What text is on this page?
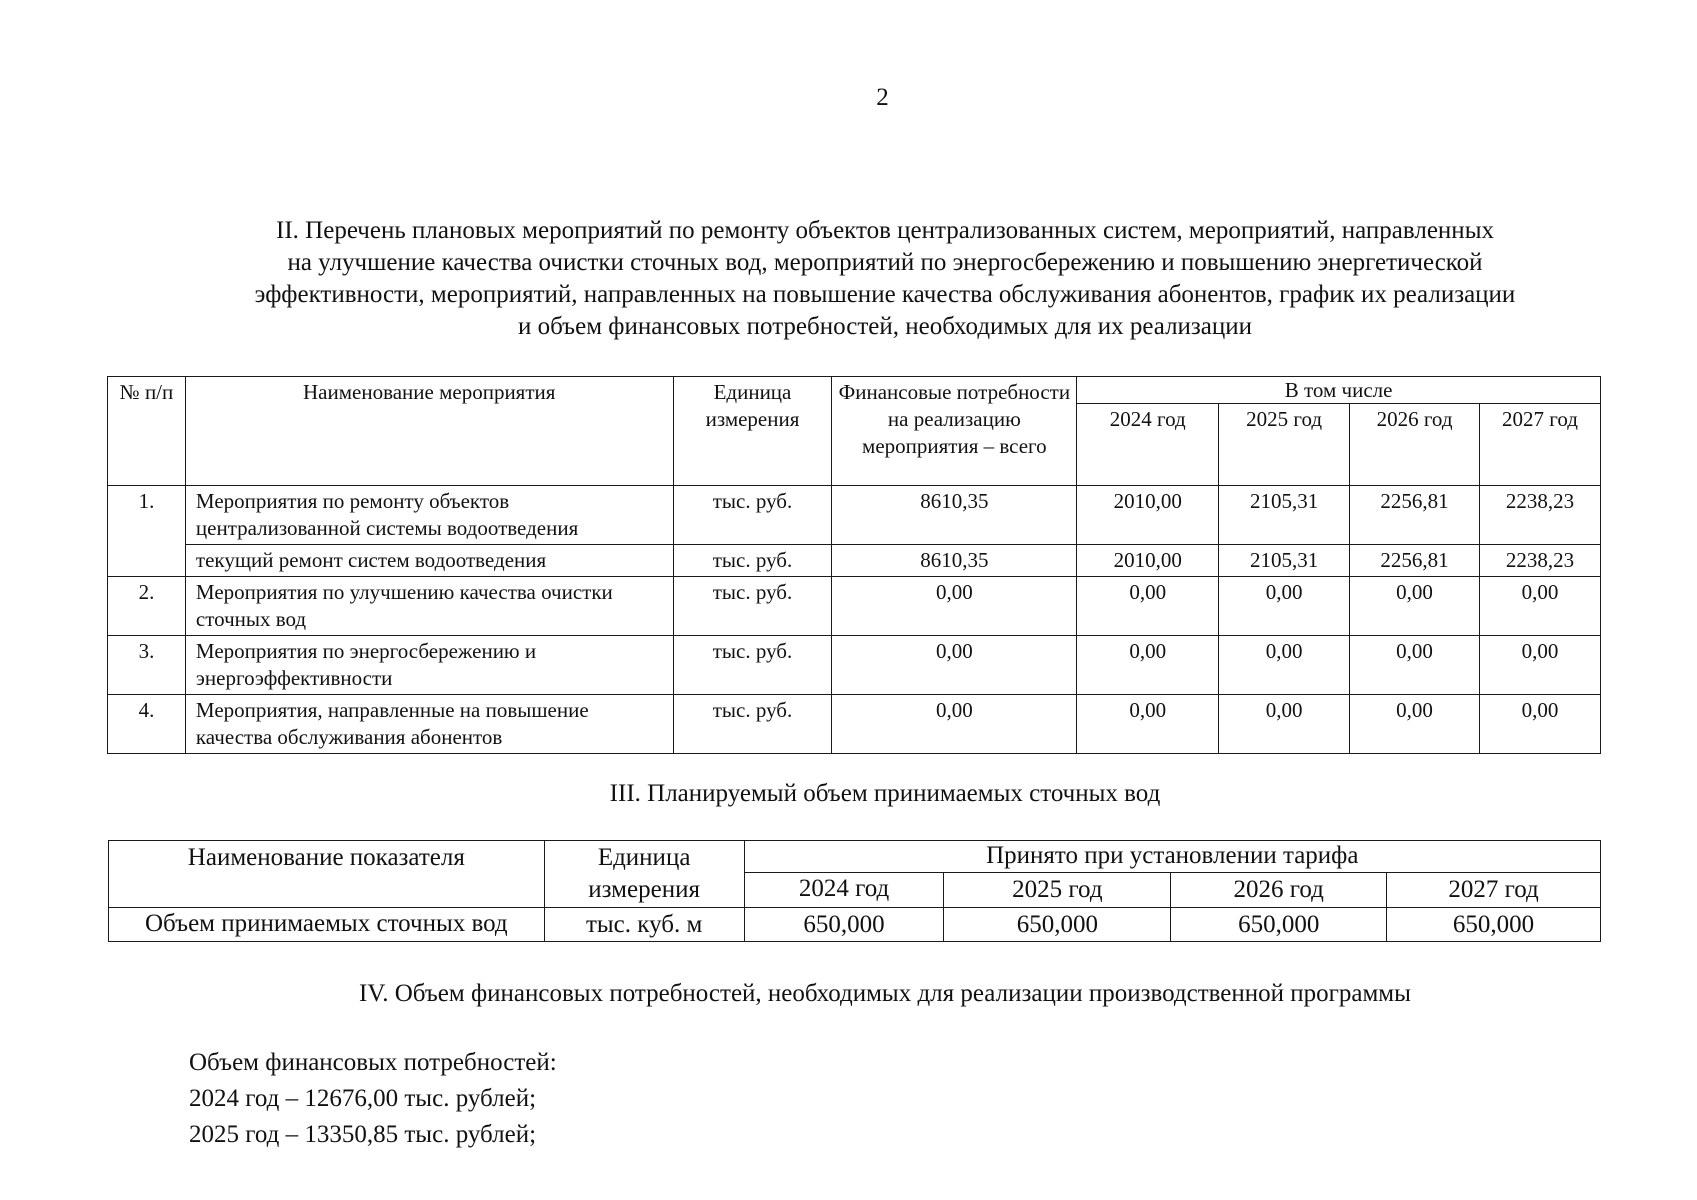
2
II. Перечень плановых мероприятий по ремонту объектов централизованных систем, мероприятий, направленных
на улучшение качества очистки сточных вод, мероприятий по энергосбережению и повышению энергетической
эффективности, мероприятий, направленных на повышение качества обслуживания абонентов, график их реализации
и объем финансовых потребностей, необходимых для их реализации
№ п/п	Наименование мероприятия	Единица измерения	Финансовые потребности на реализацию мероприятия – всего	В том числе			
				2024 год	2025 год	2026 год	2027 год
1.	Мероприятия по ремонту объектов централизованной системы водоотведения	тыс. руб.	8610,35	2010,00	2105,31	2256,81	2238,23
	текущий ремонт систем водоотведения	тыс. руб.	8610,35	2010,00	2105,31	2256,81	2238,23
2.	Мероприятия по улучшению качества очистки сточных вод	тыс. руб.	0,00	0,00	0,00	0,00	0,00
3.	Мероприятия по энергосбережению и энергоэффективности	тыс. руб.	0,00	0,00	0,00	0,00	0,00
4.	Мероприятия, направленные на повышение качества обслуживания абонентов	тыс. руб.	0,00	0,00	0,00	0,00	0,00
III. Планируемый объем принимаемых сточных вод
Наименование показателя	Единица измерения	Принято при установлении тарифа			
		2024 год	2025 год	2026 год	2027 год
Объем принимаемых сточных вод	тыс. куб. м	650,000	650,000	650,000	650,000
IV. Объем финансовых потребностей, необходимых для реализации производственной программы
Объем финансовых потребностей:
2024 год – 12676,00 тыс. рублей;
2025 год – 13350,85 тыс. рублей;
